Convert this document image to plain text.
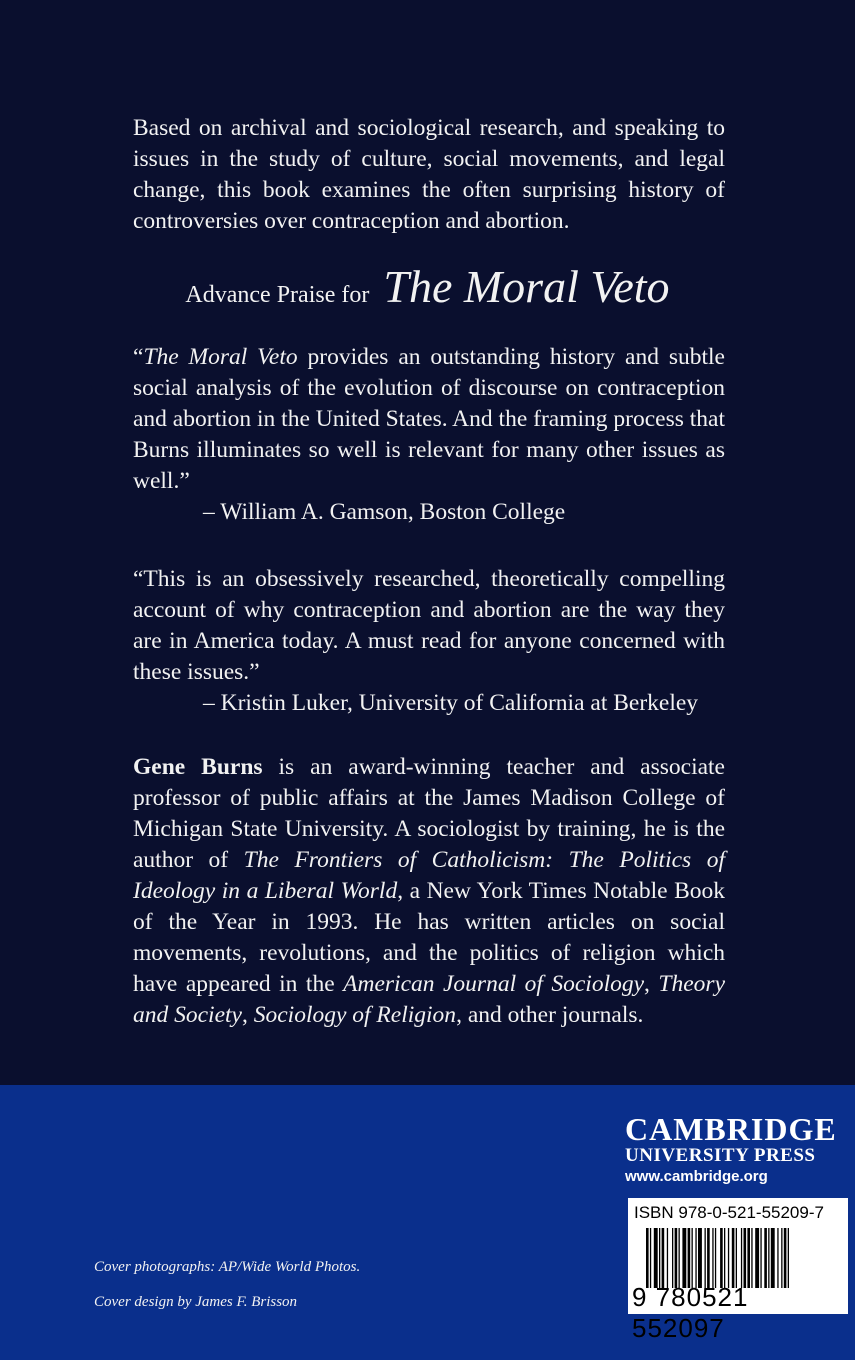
Based on archival and sociological research, and speaking to issues in the study of culture, social movements, and legal change, this book examines the often surprising history of controversies over contraception and abortion.

Advance Praise for The Moral Veto

“The Moral Veto provides an outstanding history and subtle social analysis of the evolution of discourse on contraception and abortion in the United States. And the framing process that Burns illuminates so well is relevant for many other issues as well.”
– William A. Gamson, Boston College

“This is an obsessively researched, theoretically compelling account of why contraception and abortion are the way they are in America today. A must read for anyone concerned with these issues.”
– Kristin Luker, University of California at Berkeley

Gene Burns is an award-winning teacher and associate professor of public affairs at the James Madison College of Michigan State University. A sociologist by training, he is the author of The Frontiers of Catholicism: The Politics of Ideology in a Liberal World, a New York Times Notable Book of the Year in 1993. He has written articles on social movements, revolutions, and the politics of religion which have appeared in the American Journal of Sociology, Theory and Society, Sociology of Religion, and other journals.

CAMBRIDGE
UNIVERSITY PRESS
www.cambridge.org
ISBN 978-0-521-55209-7
9 780521 552097
Cover photographs: AP/Wide World Photos.
Cover design by James F. Brisson
